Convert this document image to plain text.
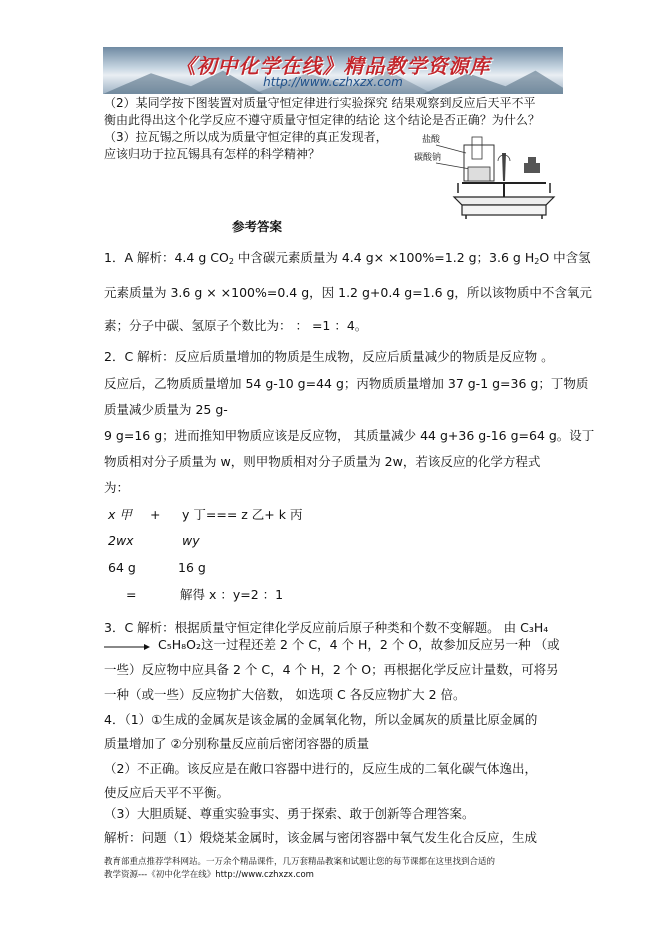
《初中化学在线》精品教学资源库
http://www.czhxzx.com
（2）某同学按下图装置对质量守恒定律进行实验探究 结果观察到反应后天平不平
衡由此得出这个化学反应不遵守质量守恒定律的结论 这个结论是否正确？为什么？
（3）拉瓦锡之所以成为质量守恒定律的真正发现者，
应该归功于拉瓦锡具有怎样的科学精神？
盐酸
碳酸钠
参考答案
1．A 解析：4.4 g $CO_2$ 中含碳元素质量为 4.4 g× ×100%=1.2 g；3.6 g $H_2O$ 中含氢
元素质量为 3.6 g × ×100%=0.4 g，因 1.2 g+0.4 g=1.6 g，所以该物质中不含氧元
素；分子中碳、氢原子个数比为： ： =1 ：4。
2．C 解析：反应后质量增加的物质是生成物，反应后质量减少的物质是反应物 。
反应后，乙物质质量增加 54 g-10 g=44 g；丙物质质量增加 37 g-1 g=36 g；丁物质
质量减少质量为 25 g-
9 g=16 g；进而推知甲物质应该是反应物， 其质量减少 44 g+36 g-16 g=64 g。设丁
物质相对分子质量为 w，则甲物质相对分子质量为 2w，若该反应的化学方程式
为：
x 甲 + y 丁=== z 乙+ k 丙
2wx	wy
64 g	16 g
=	解得 x ：y=2 ：1
3．C 解析：根据质量守恒定律化学反应前后原子种类和个数不变解题。 由 C₃H₄
→ C₅H₈O₂这一过程还差 2 个 C，4 个 H，2 个 O，故参加反应另一种 （或
一些）反应物中应具备 2 个 C，4 个 H，2 个 O；再根据化学反应计量数，可将另
一种（或一些）反应物扩大倍数， 如选项 C 各反应物扩大 2 倍。
4．（1）①生成的金属灰是该金属的金属氧化物，所以金属灰的质量比原金属的
质量增加了 ②分别称量反应前后密闭容器的质量
（2）不正确。该反应是在敞口容器中进行的，反应生成的二氧化碳气体逸出，
使反应后天平不平衡。
（3）大胆质疑、尊重实验事实、勇于探索、敢于创新等合理答案。
解析：问题（1）煅烧某金属时，该金属与密闭容器中氧气发生化合反应，生成
教育部重点推荐学科网站。一万余个精品课件，几万套精品教案和试题让您的每节课都在这里找到合适的
教学资源---《初中化学在线》http://www.czhxzx.com
